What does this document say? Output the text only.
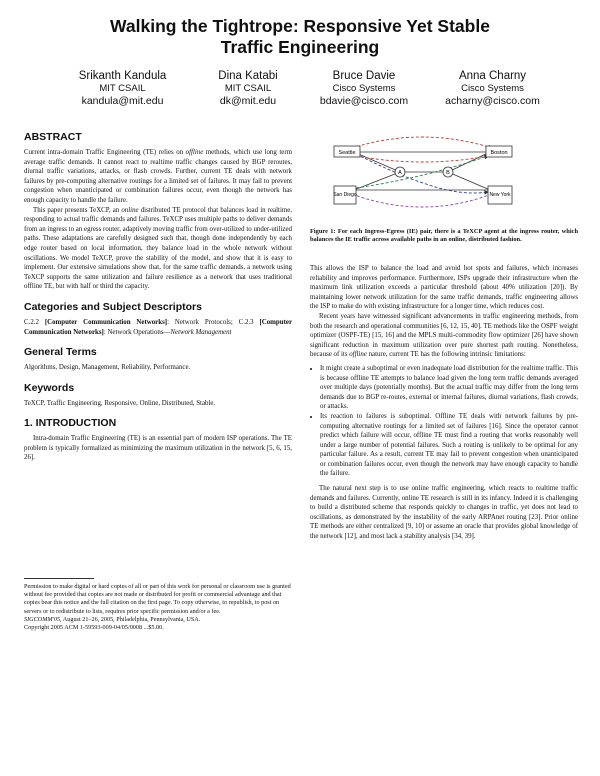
Walking the Tightrope: Responsive Yet Stable
Traffic Engineering
Srikanth Kandula
MIT CSAIL
kandula@mit.edu
Dina Katabi
MIT CSAIL
dk@mit.edu
Bruce Davie
Cisco Systems
bdavie@cisco.com
Anna Charny
Cisco Systems
acharny@cisco.com
ABSTRACT

Current intra-domain Traffic Engineering (TE) relies on offline methods, which use long term average traffic demands. It cannot react to realtime traffic changes caused by BGP reroutes, diurnal traffic variations, attacks, or flash crowds. Further, current TE deals with network failures by pre-computing alternative routings for a limited set of failures. It may fail to prevent congestion when unanticipated or combination failures occur, even though the network has enough capacity to handle the failure.

This paper presents TeXCP, an online distributed TE protocol that balances load in realtime, responding to actual traffic demands and failures. TeXCP uses multiple paths to deliver demands from an ingress to an egress router, adaptively moving traffic from over-utilized to under-utilized paths. These adaptations are carefully designed such that, though done independently by each edge router based on local information, they balance load in the whole network without oscillations. We model TeXCP, prove the stability of the model, and show that it is easy to implement. Our extensive simulations show that, for the same traffic demands, a network using TeXCP supports the same utilization and failure resilience as a network that uses traditional offline TE, but with half or third the capacity.

Categories and Subject Descriptors

C.2.2 [Computer Communication Networks]: Network Protocols; C.2.3 [Computer Communication Networks]: Network Operations—Network Management

General Terms

Algorithms, Design, Management, Reliability, Performance.

Keywords

TeXCP, Traffic Engineering, Responsive, Online, Distributed, Stable.

1. INTRODUCTION

Intra-domain Traffic Engineering (TE) is an essential part of modern ISP operations. The TE problem is typically formalized as minimizing the maximum utilization in the network [5, 6, 15, 26].

Permission to make digital or hard copies of all or part of this work for personal or classroom use is granted without fee provided that copies are not made or distributed for profit or commercial advantage and that copies bear this notice and the full citation on the first page. To copy otherwise, to republish, to post on servers or to redistribute to lists, requires prior specific permission and/or a fee.

SIGCOMM'05, August 21–26, 2005, Philadelphia, Pennsylvania, USA.

Copyright 2005 ACM 1-59593-009-04/05/0008 ...$5.00.

Seattle	Boston
San Diego	New York
A	B
Figure 1: For each Ingress-Egress (IE) pair, there is a TeXCP agent at the ingress router, which balances the IE traffic across available paths in an online, distributed fashion.

This allows the ISP to balance the load and avoid hot spots and failures, which increases reliability and improves performance. Furthermore, ISPs upgrade their infrastructure when the maximum link utilization exceeds a particular threshold (about 40% utilization [20]). By maintaining lower network utilization for the same traffic demands, traffic engineering allows the ISP to make do with existing infrastructure for a longer time, which reduces cost.

Recent years have witnessed significant advancements in traffic engineering methods, from both the research and operational communities [6, 12, 15, 40]. TE methods like the OSPF weight optimizer (OSPF-TE) [15, 16] and the MPLS multi-commodity flow optimizer [26] have shown significant reduction in maximum utilization over pure shortest path routing. Nonetheless, because of its offline nature, current TE has the following intrinsic limitations:

• It might create a suboptimal or even inadequate load distribution for the realtime traffic. This is because offline TE attempts to balance load given the long term traffic demands averaged over multiple days (potentially months). But the actual traffic may differ from the long term demands due to BGP re-routes, external or internal failures, diurnal variations, flash crowds, or attacks.
• Its reaction to failures is suboptimal. Offline TE deals with network failures by pre-computing alternative routings for a limited set of failures [16]. Since the operator cannot predict which failure will occur, offline TE must find a routing that works reasonably well under a large number of potential failures. Such a routing is unlikely to be optimal for any particular failure. As a result, current TE may fail to prevent congestion when unanticipated or combination failures occur, even though the network may have enough capacity to handle the failure.

The natural next step is to use online traffic engineering, which reacts to realtime traffic demands and failures. Currently, online TE research is still in its infancy. Indeed it is challenging to build a distributed scheme that responds quickly to changes in traffic, yet does not lead to oscillations, as demonstrated by the instability of the early ARPAnet routing [23]. Prior online TE methods are either centralized [9, 10] or assume an oracle that provides global knowledge of the network [12], and most lack a stability analysis [34, 39].
